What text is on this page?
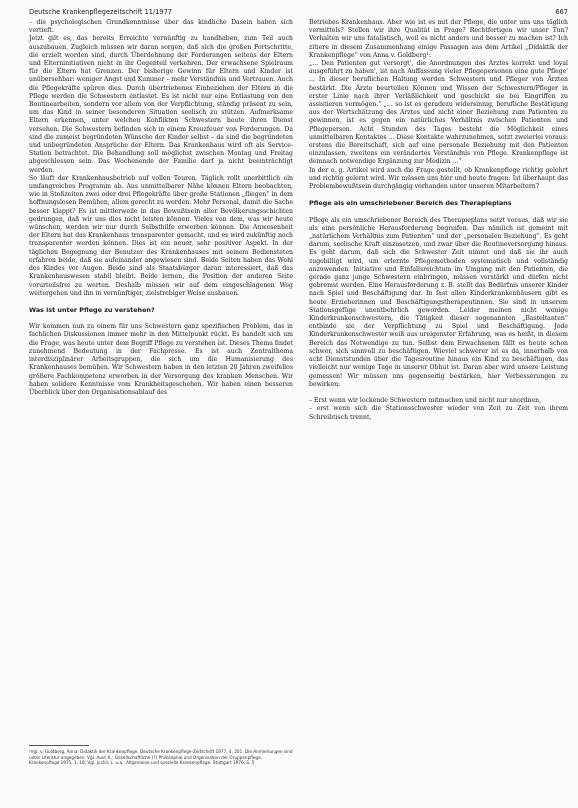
Deutsche Krankenpflegezeitschrift 11/1977	667

– die psychologischen Grundkenntnisse über das kindliche Dasein haben sich vertieft.

Jetzt gilt es, das bereits Erreichte vernünftig zu handhaben, zum Teil auch auszubauen. Zugleich müssen wir daran sorgen, daß sich die großen Fortschritte, die erzielt worden sind, durch Überdehnung der Forderungen seitens der Eltern und Elterninitiativen nicht in ihr Gegenteil verkehren. Der erwachsene Spielraum für die Eltern hat Grenzen. Der bisherige Gewinn für Eltern und Kinder ist unübersehbar: weniger Angst und Kummer – mehr Verständnis und Vertrauen. Auch die Pflegekräfte spüren dies. Durch übertriebenes Einbeziehen der Eltern in die Pflege werden die Schwestern entlastet. Es ist nicht nur eine Entlastung von den Routinearbeiten, sondern vor allem von der Verpflichtung, ständig präsent zu sein, um das Kind in seiner besonderen Situation seelisch zu stützen. Aufmerksame Eltern erkennen, unter welchen Konflikten Schwestern heute ihren Dienst versehen. Die Schwestern befinden sich in einem Kreuzfeuer von Forderungen. Da sind die zumeist begründeten Wünsche der Kinder selbst – da sind die begründeten und unbegründeten Ansprüche der Eltern. Das Krankenhaus wird oft als Service-Station betrachtet. Die Behandlung soll möglichst zwischen Montag und Freitag abgeschlossen sein. Das Wochenende der Familie darf ja nicht beeinträchtigt werden.

So läuft der Krankenhausbetrieb auf vollen Touren. Täglich rollt unerbittlich ein umfangreiches Programm ab. Aus unmittelbarer Nähe können Eltern beobachten, wie in Stoßzeiten zwei oder drei Pflegekräfte über große Stationen „fliegen“ in dem hoffnungslosen Bemühen, allem gerecht zu werden. Mehr Personal, damit die Sache besser klappt? Es ist mittlerweile in das Bewußtsein aller Bevölkerungsschichten gedrungen, daß wir uns dies nicht leisten können. Vieles von dem, was wir heute wünschen, werden wir nur durch Selbsthilfe erwerben können. Die Anwesenheit der Eltern hat das Krankenhaus transparenter gemacht, und es wird zukünftig noch transparenter werden können. Dies ist ein neuer, sehr positiver Aspekt. In der täglichen Begegnung der Benutzer des Krankenhauses mit seinem Bediensteten erfahren beide, daß sie aufeinander angewiesen sind. Beide Seiten haben das Wohl des Kindes vor Augen. Beide sind als Staatsbürger daran interessiert, daß das Krankenhauswesen stabil bleibt. Beide lernen, die Position der anderen Seite vorurteilsfrei zu werten. Deshalb müssen wir auf dem eingeschlagenen Weg weitergehen und ihn in vernünftiger, zielstrebiger Weise ausbauen.

Was ist unter Pflege zu verstehen?

Wir kommen nun zu einem für uns Schwestern ganz spezifischen Problem, das in fachlichen Diskussionen immer mehr in den Mittelpunkt rückt. Es handelt sich um die Frage, was heute unter dem Begriff Pflege zu verstehen ist. Dieses Thema findet zunehmend Bedeutung in der Fachpresse. Es ist auch Zentralthema interdisziplinärer Arbeitsgruppen, die sich um die Humanisierung des Krankenhauses bemühen. Wir Schwestern haben in den letzten 20 Jahren zweifellos größere Fachkompetenz erworben in der Versorgung des kranken Menschen. Wir haben solidere Kenntnisse vom Krankheitsgeschehen. Wir haben einen besseren Überblick über den Organisationsablauf des

¹Vgl. v. Goldberg, Anna: Didaktik der Krankenpflege. Deutsche Krankenpflege-Zeitschrift 1977, 4, 201. Die Anmerkungen sind unter Literatur angegeben. Vgl. Ausf. K.: Gesellschaftliche (?) Philosophie und Organisation der Gruppenpflege. Krankenpflege 1975, 1, 16; Vgl. Juchli, L. u.a.: Allgemeine und spezielle Krankenpflege. Stuttgart 1976, S. 5

Betriebes Krankenhaus. Aber wie ist es mit der Pflege, die unter uns uns täglich vermittels? Stellen wir ihre Qualität in Frage? Rechtfertigen wir unser Tun? Verhalten wir uns fatalistisch, weil es nicht anders und besser zu machen ist? Ich zitiere in diesem Zusammenhang einige Passagen aus dem Artikel „Didaktik der Krankenpflege“ von Anna v. Goldberg¹:

„... Den Patienten gut versorgt', die Anordnungen des Arztes korrekt und loyal ausgeführt zu haben', ist nach Auffassung vieler Pflegepersonen eine gute Pflege' ... In dieser beruflichen Haltung werden Schwestern und Pfleger von Ärzten bestärkt. Die Ärzte beurteilen Können und Wissen der Schwestern/Pfleger in erster Linie nach ihrer Verläßlichkeit und geschickt sie bei Eingriffen zu assistieren vermögen.“ „... so ist es geradezu widersinnig, berufliche Bestätigung aus der Wertschätzung des Arztes und nicht einer Beziehung zum Patienten zu gewinnen, ist es gegen ein natürliches Verhältnis zwischen Patienten und Pflegeperson. Acht Stunden des Tages besteht die Möglichkeit eines unmittelbaren Kontaktes ... Diese Kontakte wahrzunehmen, setzt zweierlei voraus: erstens die Bereitschaft, sich auf eine personale Beziehung mit den Patienten einzulassen, zweitens ein verändertes Verständnis von Pflege. Krankenpflege ist demnach notwendige Ergänzung zur Medizin ...“

In der o. g. Artikel wird auch die Frage gestellt, ob Krankenpflege richtig gelehrt und richtig gelernt wird. Wir müssen uns hier und heute fragen: Ist überhaupt das Problembewußtsein durchgängig vorhanden unter unseren Mitarbeitern?

Pflege als ein umschriebener Bereich des Therapieplans

Pflege als ein umschriebener Bereich des Therapieplans setzt voraus, daß wir sie als eine persönliche Herausforderung begreifen. Das nämlich ist gemeint mit „natürlichem Verhältnis zum Patienten“ und der „personalen Beziehung“. Es geht darum, seelische Kraft einzusetzen, und zwar über die Routineversorgung hinaus. Es geht darum, daß sich die Schwester Zeit nimmt und daß sie ihr auch zugebilligt wird, um erlernte Pflegemethoden systematisch und vollständig anzuwenden. Initiative und Einfallsreichtum im Umgang mit den Patienten, die gerade ganz junge Schwestern einbringen, müssen verstärkt und dürfen nicht gebremst werden. Eine Herausforderung z. B. stellt das Bedürfnis unserer Kinder nach Spiel und Beschäftigung dar. In fast allen Kinderkrankenhäusern gibt es heute Erzieherinnen und Beschäftigungstherapeutinnen. Sie sind in unserem Stationsgefüge unentbehrlich geworden. Leider meinen nicht wenige Kinderkrankenschwestern, die Tätigkeit dieser sogenannten „Basteltanten“ entbinde sie der Verpflichtung zu Spiel und Beschäftigung. Jede Kinderkrankenschwester weiß aus ureigenster Erfahrung, was es heißt, in diesem Bereich das Notwendige zu tun. Selbst dem Erwachsenen fällt es heute schon schwer, sich sinnvoll zu beschäftigen. Wieviel schwerer ist es da, innerhalb von acht Dienststunden über die Tagesroutine hinaus ein Kind zu beschäftigen, das vielleicht nur wenige Tage in unserer Obhut ist. Daran aber wird unsere Leistung gemessen! Wir müssen uns gegenseitig bestärken, hier Verbesserungen zu bewirken:

– Erst wenn wir lockende Schwestern mitmachen und nicht nur anordnen,

– erst wenn sich die Stationsschwester wieder von Zeit zu Zeit von ihrem Schreibtisch trennt,
